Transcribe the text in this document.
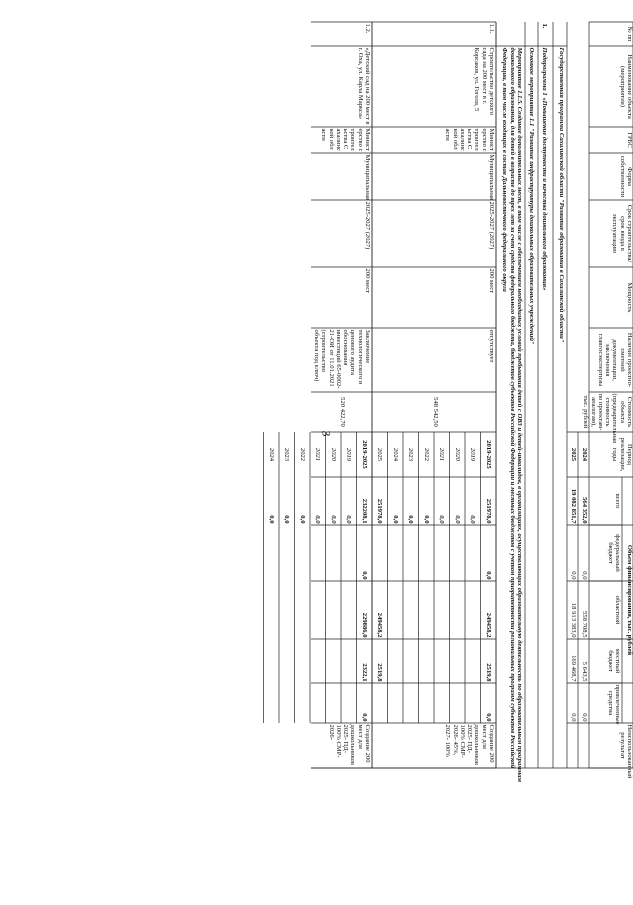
3
№ пп
Наименование объекта (мероприятия)
ГРБС
Форма собственности
Срок строительства/ срок ввода в эксплуатацию
Мощность
Наличие проектно-сметной документации, заключения главгосэкспертизы
Стоимость объекта (предварительная стоимость по проектам-аналогам), тыс. рублей
Период реализации, годы
Объем финансирования, тыс. рублей
всего
федеральный бюджет
областной
местный бюджет
привлеченные средства
Неиспользованный результат
2024
564 352,0
0,0
558 708,5
5 643,5
0,0
2025
19 082 851,7
0,0
18 913 383,0
169 468,7
0,0
Государственная программа Сахалинской области "Развитие образования в Сахалинской области"
1.
Подпрограмма 1 «Повышение доступности и качества дошкольного образования»
Основное мероприятие 1.1 "Развитие инфраструктуры дошкольных образовательных учреждений"
Мероприятие 1.1.5. Создание дополнительных мест, в том числе с обеспечением необходимых условий пребывания детей с ОВЗ и детей-инвалидов, в организациях, осуществляющих образовательную деятельность по образовательным программам дошкольного образования, для детей в возрасте до трех лет за счет средств федерального бюджета, бюджетов субъектов Российской Федерации и местных бюджетов с учетом приоритетности региональных программ субъектов Российской Федерации, в том числе входящих в состав Дальневосточного федерального округа
1.1.
Строительство детского сада на 200 мест в г. Корсаков, ул. Гоголя, 5
Министерство строительства Сахалинской области
Муниципальная
2025-2027 (2027)
200 мест
отсутствует
548 542,50
Создание 200 мест для дошкольников 2025- ПД- 100% СМР- 2026- 45%, 2027- 100%
2019-2025
251978,0
0,0
249458,2
2519,8
0,0
2019
0,0
2020
0,0
2021
0,0
2022
0,0
2023
0,0
2024
0,0
2025
251978,0
249458,2
2519,8
1.2.
«Детский сад на 200 мест в г. Оха, ул. Карла Маркса»
Министерство строительства Сахалинской области
Муниципальная
2025-2027 (2027)
200 мест
Заключение технологического и ценового аудита обоснования инвестиций 65-0002-21-ОИ от 11.01.2021 (строительство объекта под ключ)
520 422,70
Создание 200 мест для дошкольников 2025- ПД- 100% СМР- 2026-
2019-2025
232208,1
0,0
229886,0
2322,1
0,0
2019
0,0
2020
0,0
2021
0,0
2022
0,0
2023
0,0
2024
0,0
